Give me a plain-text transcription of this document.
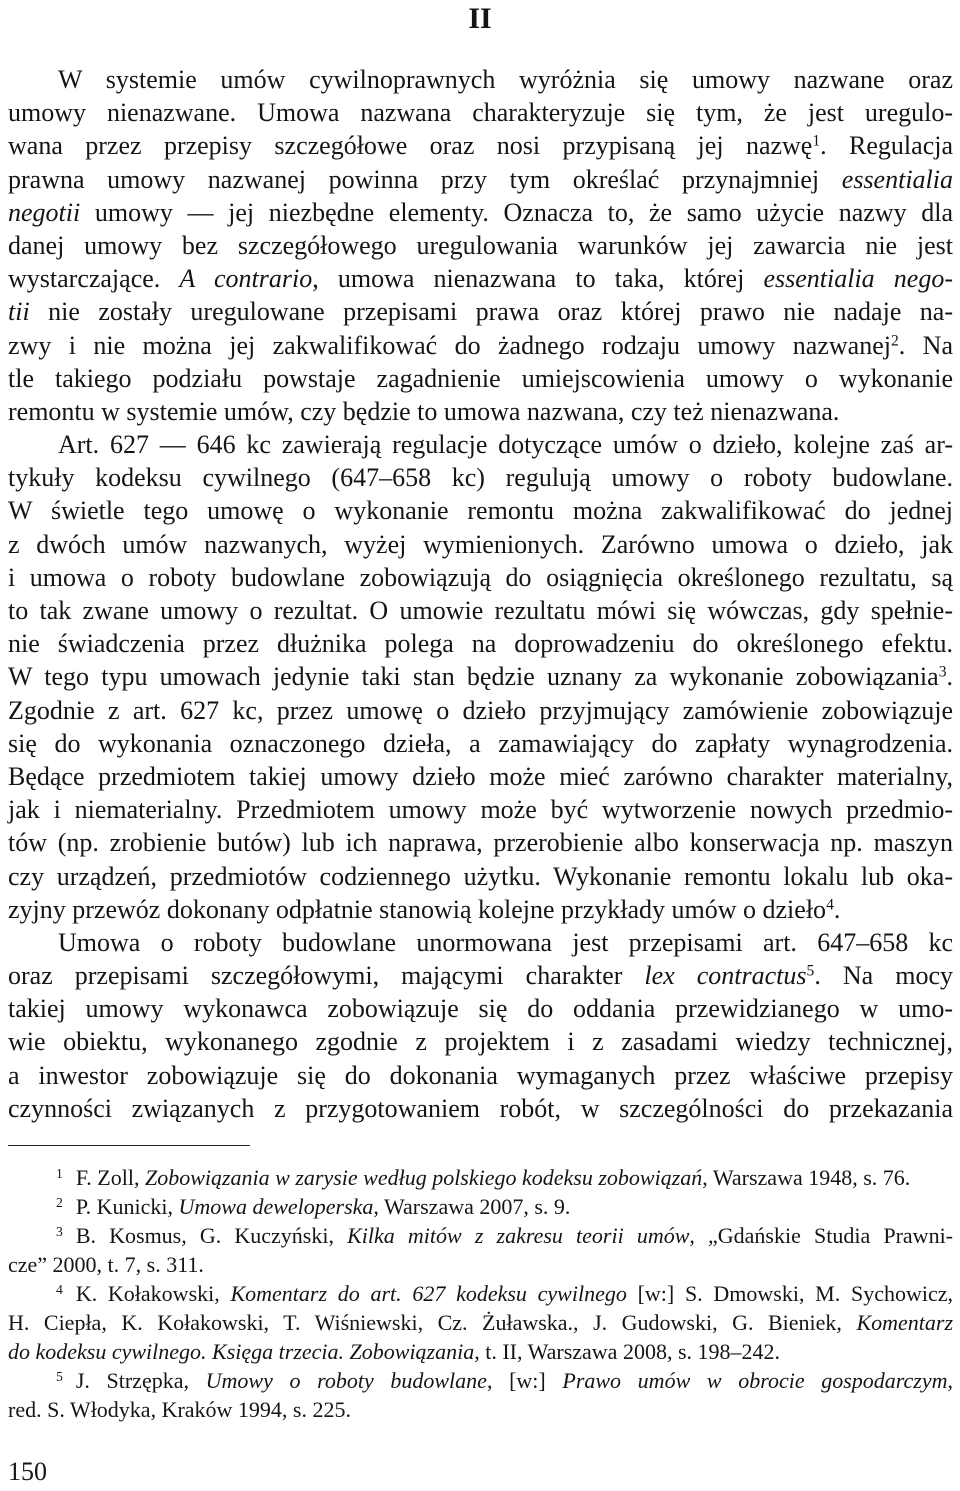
II
W systemie umów cywilnoprawnych wyróżnia się umowy nazwane oraz
umowy nienazwane. Umowa nazwana charakteryzuje się tym, że jest uregulo-
wana przez przepisy szczegółowe oraz nosi przypisaną jej nazwę$^1$. Regulacja
prawna umowy nazwanej powinna przy tym określać przynajmniej essentialia
negotii umowy — jej niezbędne elementy. Oznacza to, że samo użycie nazwy dla
danej umowy bez szczegółowego uregulowania warunków jej zawarcia nie jest
wystarczające. A contrario, umowa nienazwana to taka, której essentialia nego-
tii nie zostały uregulowane przepisami prawa oraz której prawo nie nadaje na-
zwy i nie można jej zakwalifikować do żadnego rodzaju umowy nazwanej$^2$. Na
tle takiego podziału powstaje zagadnienie umiejscowienia umowy o wykonanie
remontu w systemie umów, czy będzie to umowa nazwana, czy też nienazwana.
Art. 627 — 646 kc zawierają regulacje dotyczące umów o dzieło, kolejne zaś ar-
tykuły kodeksu cywilnego (647–658 kc) regulują umowy o roboty budowlane.
W świetle tego umowę o wykonanie remontu można zakwalifikować do jednej
z dwóch umów nazwanych, wyżej wymienionych. Zarówno umowa o dzieło, jak
i umowa o roboty budowlane zobowiązują do osiągnięcia określonego rezultatu, są
to tak zwane umowy o rezultat. O umowie rezultatu mówi się wówczas, gdy spełnie-
nie świadczenia przez dłużnika polega na doprowadzeniu do określonego efektu.
W tego typu umowach jedynie taki stan będzie uznany za wykonanie zobowiązania$^3$.
Zgodnie z art. 627 kc, przez umowę o dzieło przyjmujący zamówienie zobowiązuje
się do wykonania oznaczonego dzieła, a zamawiający do zapłaty wynagrodzenia.
Będące przedmiotem takiej umowy dzieło może mieć zarówno charakter materialny,
jak i niematerialny. Przedmiotem umowy może być wytworzenie nowych przedmio-
tów (np. zrobienie butów) lub ich naprawa, przerobienie albo konserwacja np. maszyn
czy urządzeń, przedmiotów codziennego użytku. Wykonanie remontu lokalu lub oka-
zyjny przewóz dokonany odpłatnie stanowią kolejne przykłady umów o dzieło$^4$.
Umowa o roboty budowlane unormowana jest przepisami art. 647–658 kc
oraz przepisami szczegółowymi, mającymi charakter lex contractus$^5$. Na mocy
takiej umowy wykonawca zobowiązuje się do oddania przewidzianego w umo-
wie obiektu, wykonanego zgodnie z projektem i z zasadami wiedzy technicznej,
a inwestor zobowiązuje się do dokonania wymaganych przez właściwe przepisy
czynności związanych z przygotowaniem robót, w szczególności do przekazania
$^1$ F. Zoll, Zobowiązania w zarysie według polskiego kodeksu zobowiązań, Warszawa 1948, s. 76.
$^2$ P. Kunicki, Umowa deweloperska, Warszawa 2007, s. 9.
$^3$ B. Kosmus, G. Kuczyński, Kilka mitów z zakresu teorii umów, „Gdańskie Studia Prawni-
cze” 2000, t. 7, s. 311.
$^4$ K. Kołakowski, Komentarz do art. 627 kodeksu cywilnego [w:] S. Dmowski, M. Sychowicz,
H. Ciepła, K. Kołakowski, T. Wiśniewski, Cz. Żuławska., J. Gudowski, G. Bieniek, Komentarz
do kodeksu cywilnego. Księga trzecia. Zobowiązania, t. II, Warszawa 2008, s. 198–242.
$^5$ J. Strzępka, Umowy o roboty budowlane, [w:] Prawo umów w obrocie gospodarczym,
red. S. Włodyka, Kraków 1994, s. 225.
150
